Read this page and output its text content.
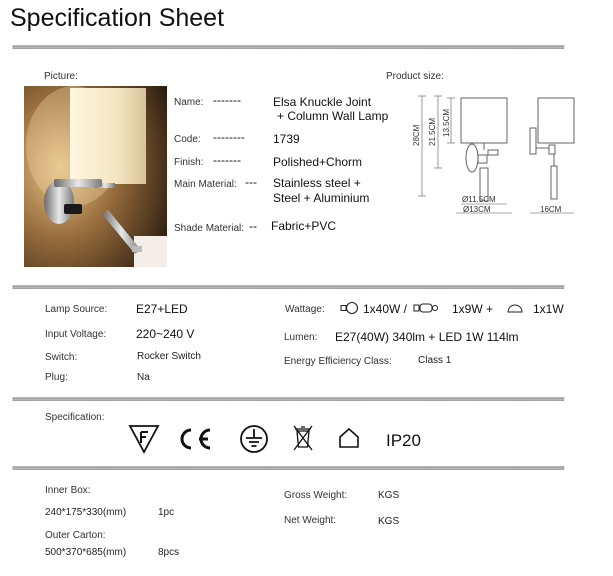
Specification Sheet
===============================================================================================================
===============================================================================================================
===============================================================================================================
===============================================================================================================
Picture:	Product size:
Name: -------	Elsa Knuckle Joint
+ Column Wall Lamp
Code: -------- 1739
Finish: -------	Polished+Chorm
Main Material: --- Stainless steel +
Steel + Aluminium
Shade Material: -- Fabric+PVC
28CM 21.5CM 13.5CM
Ø11.5CM
Ø13CM	16CM
Lamp Source: E27+LED
Input Voltage: 220~240 V
Switch:	Rocker Switch
Plug:	Na
Wattage:	1x40W /	1x9W +	1x1W
Lumen: E27(40W) 340lm + LED 1W 114lm
Energy Efficiency Class:	Class 1
Specification:
IP20
Inner Box:
240*175*330(mm)	1pc
Outer Carton:
500*370*685(mm)	8pcs
Gross Weight:	KGS
Net Weight:	KGS
